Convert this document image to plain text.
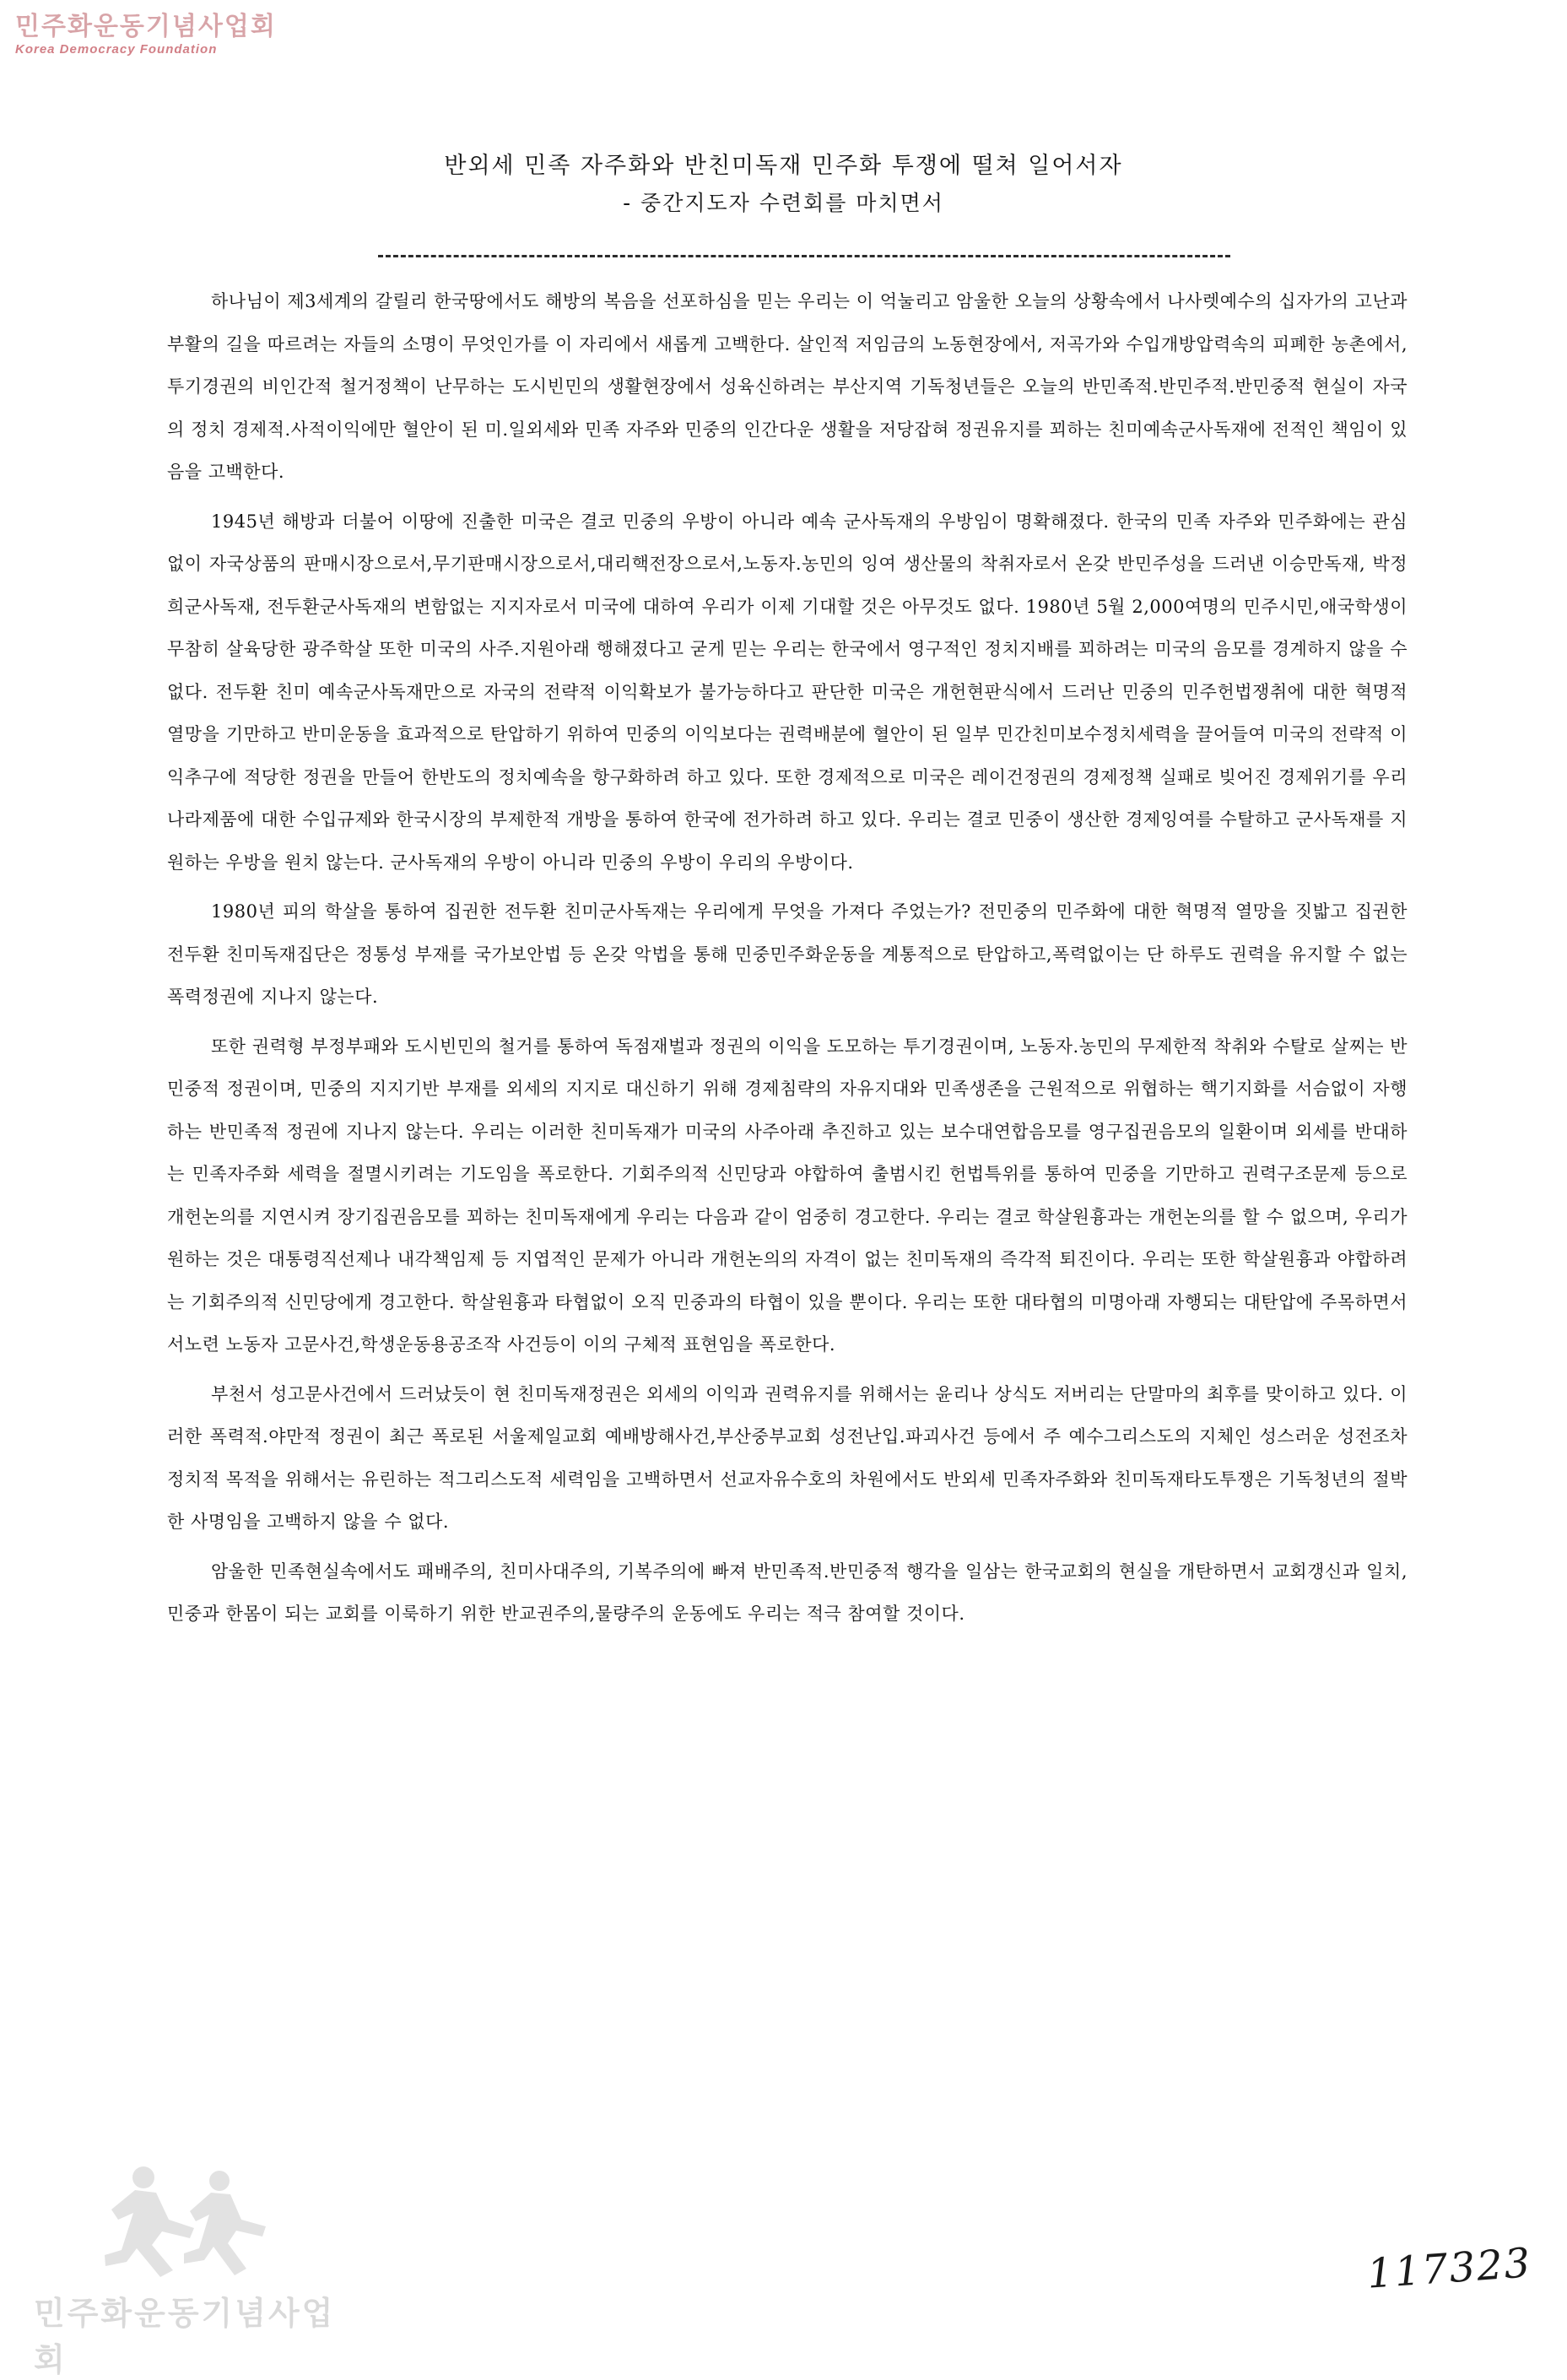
민주화운동기념사업회
Korea Democracy Foundation
반외세 민족 자주화와 반친미독재 민주화 투쟁에 떨쳐 일어서자
- 중간지도자 수련회를 마치면서

하나님이 제3세계의 갈릴리 한국땅에서도 해방의 복음을 선포하심을 믿는 우리는 이 억눌리고 암울한 오늘의 상황속에서 나사렛예수의 십자가의 고난과 부활의 길을 따르려는 자들의 소명이 무엇인가를 이 자리에서 새롭게 고백한다. 살인적 저임금의 노동현장에서, 저곡가와 수입개방압력속의 피폐한 농촌에서, 투기경권의 비인간적 철거정책이 난무하는 도시빈민의 생활현장에서 성육신하려는 부산지역 기독청년들은 오늘의 반민족적.반민주적.반민중적 현실이 자국의 정치 경제적.사적이익에만 혈안이 된 미.일외세와 민족 자주와 민중의 인간다운 생활을 저당잡혀 정권유지를 꾀하는 친미예속군사독재에 전적인 책임이 있음을 고백한다.

1945년 해방과 더불어 이땅에 진출한 미국은 결코 민중의 우방이 아니라 예속 군사독재의 우방임이 명확해졌다. 한국의 민족 자주와 민주화에는 관심없이 자국상품의 판매시장으로서,무기판매시장으로서,대리핵전장으로서,노동자.농민의 잉여 생산물의 착취자로서 온갖 반민주성을 드러낸 이승만독재, 박정희군사독재, 전두환군사독재의 변함없는 지지자로서 미국에 대하여 우리가 이제 기대할 것은 아무것도 없다. 1980년 5월 2,000여명의 민주시민,애국학생이 무참히 살육당한 광주학살 또한 미국의 사주.지원아래 행해졌다고 굳게 믿는 우리는 한국에서 영구적인 정치지배를 꾀하려는 미국의 음모를 경계하지 않을 수 없다. 전두환 친미 예속군사독재만으로 자국의 전략적 이익확보가 불가능하다고 판단한 미국은 개헌현판식에서 드러난 민중의 민주헌법쟁취에 대한 혁명적 열망을 기만하고 반미운동을 효과적으로 탄압하기 위하여 민중의 이익보다는 권력배분에 혈안이 된 일부 민간친미보수정치세력을 끌어들여 미국의 전략적 이익추구에 적당한 정권을 만들어 한반도의 정치예속을 항구화하려 하고 있다. 또한 경제적으로 미국은 레이건정권의 경제정책 실패로 빚어진 경제위기를 우리나라제품에 대한 수입규제와 한국시장의 부제한적 개방을 통하여 한국에 전가하려 하고 있다. 우리는 결코 민중이 생산한 경제잉여를 수탈하고 군사독재를 지원하는 우방을 원치 않는다. 군사독재의 우방이 아니라 민중의 우방이 우리의 우방이다.

1980년 피의 학살을 통하여 집권한 전두환 친미군사독재는 우리에게 무엇을 가져다 주었는가? 전민중의 민주화에 대한 혁명적 열망을 짓밟고 집권한 전두환 친미독재집단은 정통성 부재를 국가보안법 등 온갖 악법을 통해 민중민주화운동을 계통적으로 탄압하고,폭력없이는 단 하루도 권력을 유지할 수 없는 폭력정권에 지나지 않는다.

또한 권력형 부정부패와 도시빈민의 철거를 통하여 독점재벌과 정권의 이익을 도모하는 투기경권이며, 노동자.농민의 무제한적 착취와 수탈로 살찌는 반민중적 정권이며, 민중의 지지기반 부재를 외세의 지지로 대신하기 위해 경제침략의 자유지대와 민족생존을 근원적으로 위협하는 핵기지화를 서슴없이 자행하는 반민족적 정권에 지나지 않는다. 우리는 이러한 친미독재가 미국의 사주아래 추진하고 있는 보수대연합음모를 영구집권음모의 일환이며 외세를 반대하는 민족자주화 세력을 절멸시키려는 기도임을 폭로한다. 기회주의적 신민당과 야합하여 출범시킨 헌법특위를 통하여 민중을 기만하고 권력구조문제 등으로 개헌논의를 지연시켜 장기집권음모를 꾀하는 친미독재에게 우리는 다음과 같이 엄중히 경고한다. 우리는 결코 학살원흉과는 개헌논의를 할 수 없으며, 우리가 원하는 것은 대통령직선제나 내각책임제 등 지엽적인 문제가 아니라 개헌논의의 자격이 없는 친미독재의 즉각적 퇴진이다. 우리는 또한 학살원흉과 야합하려는 기회주의적 신민당에게 경고한다. 학살원흉과 타협없이 오직 민중과의 타협이 있을 뿐이다. 우리는 또한 대타협의 미명아래 자행되는 대탄압에 주목하면서 서노련 노동자 고문사건,학생운동용공조작 사건등이 이의 구체적 표현임을 폭로한다.

부천서 성고문사건에서 드러났듯이 현 친미독재정권은 외세의 이익과 권력유지를 위해서는 윤리나 상식도 저버리는 단말마의 최후를 맞이하고 있다. 이러한 폭력적.야만적 정권이 최근 폭로된 서울제일교회 예배방해사건,부산중부교회 성전난입.파괴사건 등에서 주 예수그리스도의 지체인 성스러운 성전조차 정치적 목적을 위해서는 유린하는 적그리스도적 세력임을 고백하면서 선교자유수호의 차원에서도 반외세 민족자주화와 친미독재타도투쟁은 기독청년의 절박한 사명임을 고백하지 않을 수 없다.

암울한 민족현실속에서도 패배주의, 친미사대주의, 기복주의에 빠져 반민족적.반민중적 행각을 일삼는 한국교회의 현실을 개탄하면서 교회갱신과 일치, 민중과 한몸이 되는 교회를 이룩하기 위한 반교권주의,물량주의 운동에도 우리는 적극 참여할 것이다.

민주화운동기념사업회
117323
